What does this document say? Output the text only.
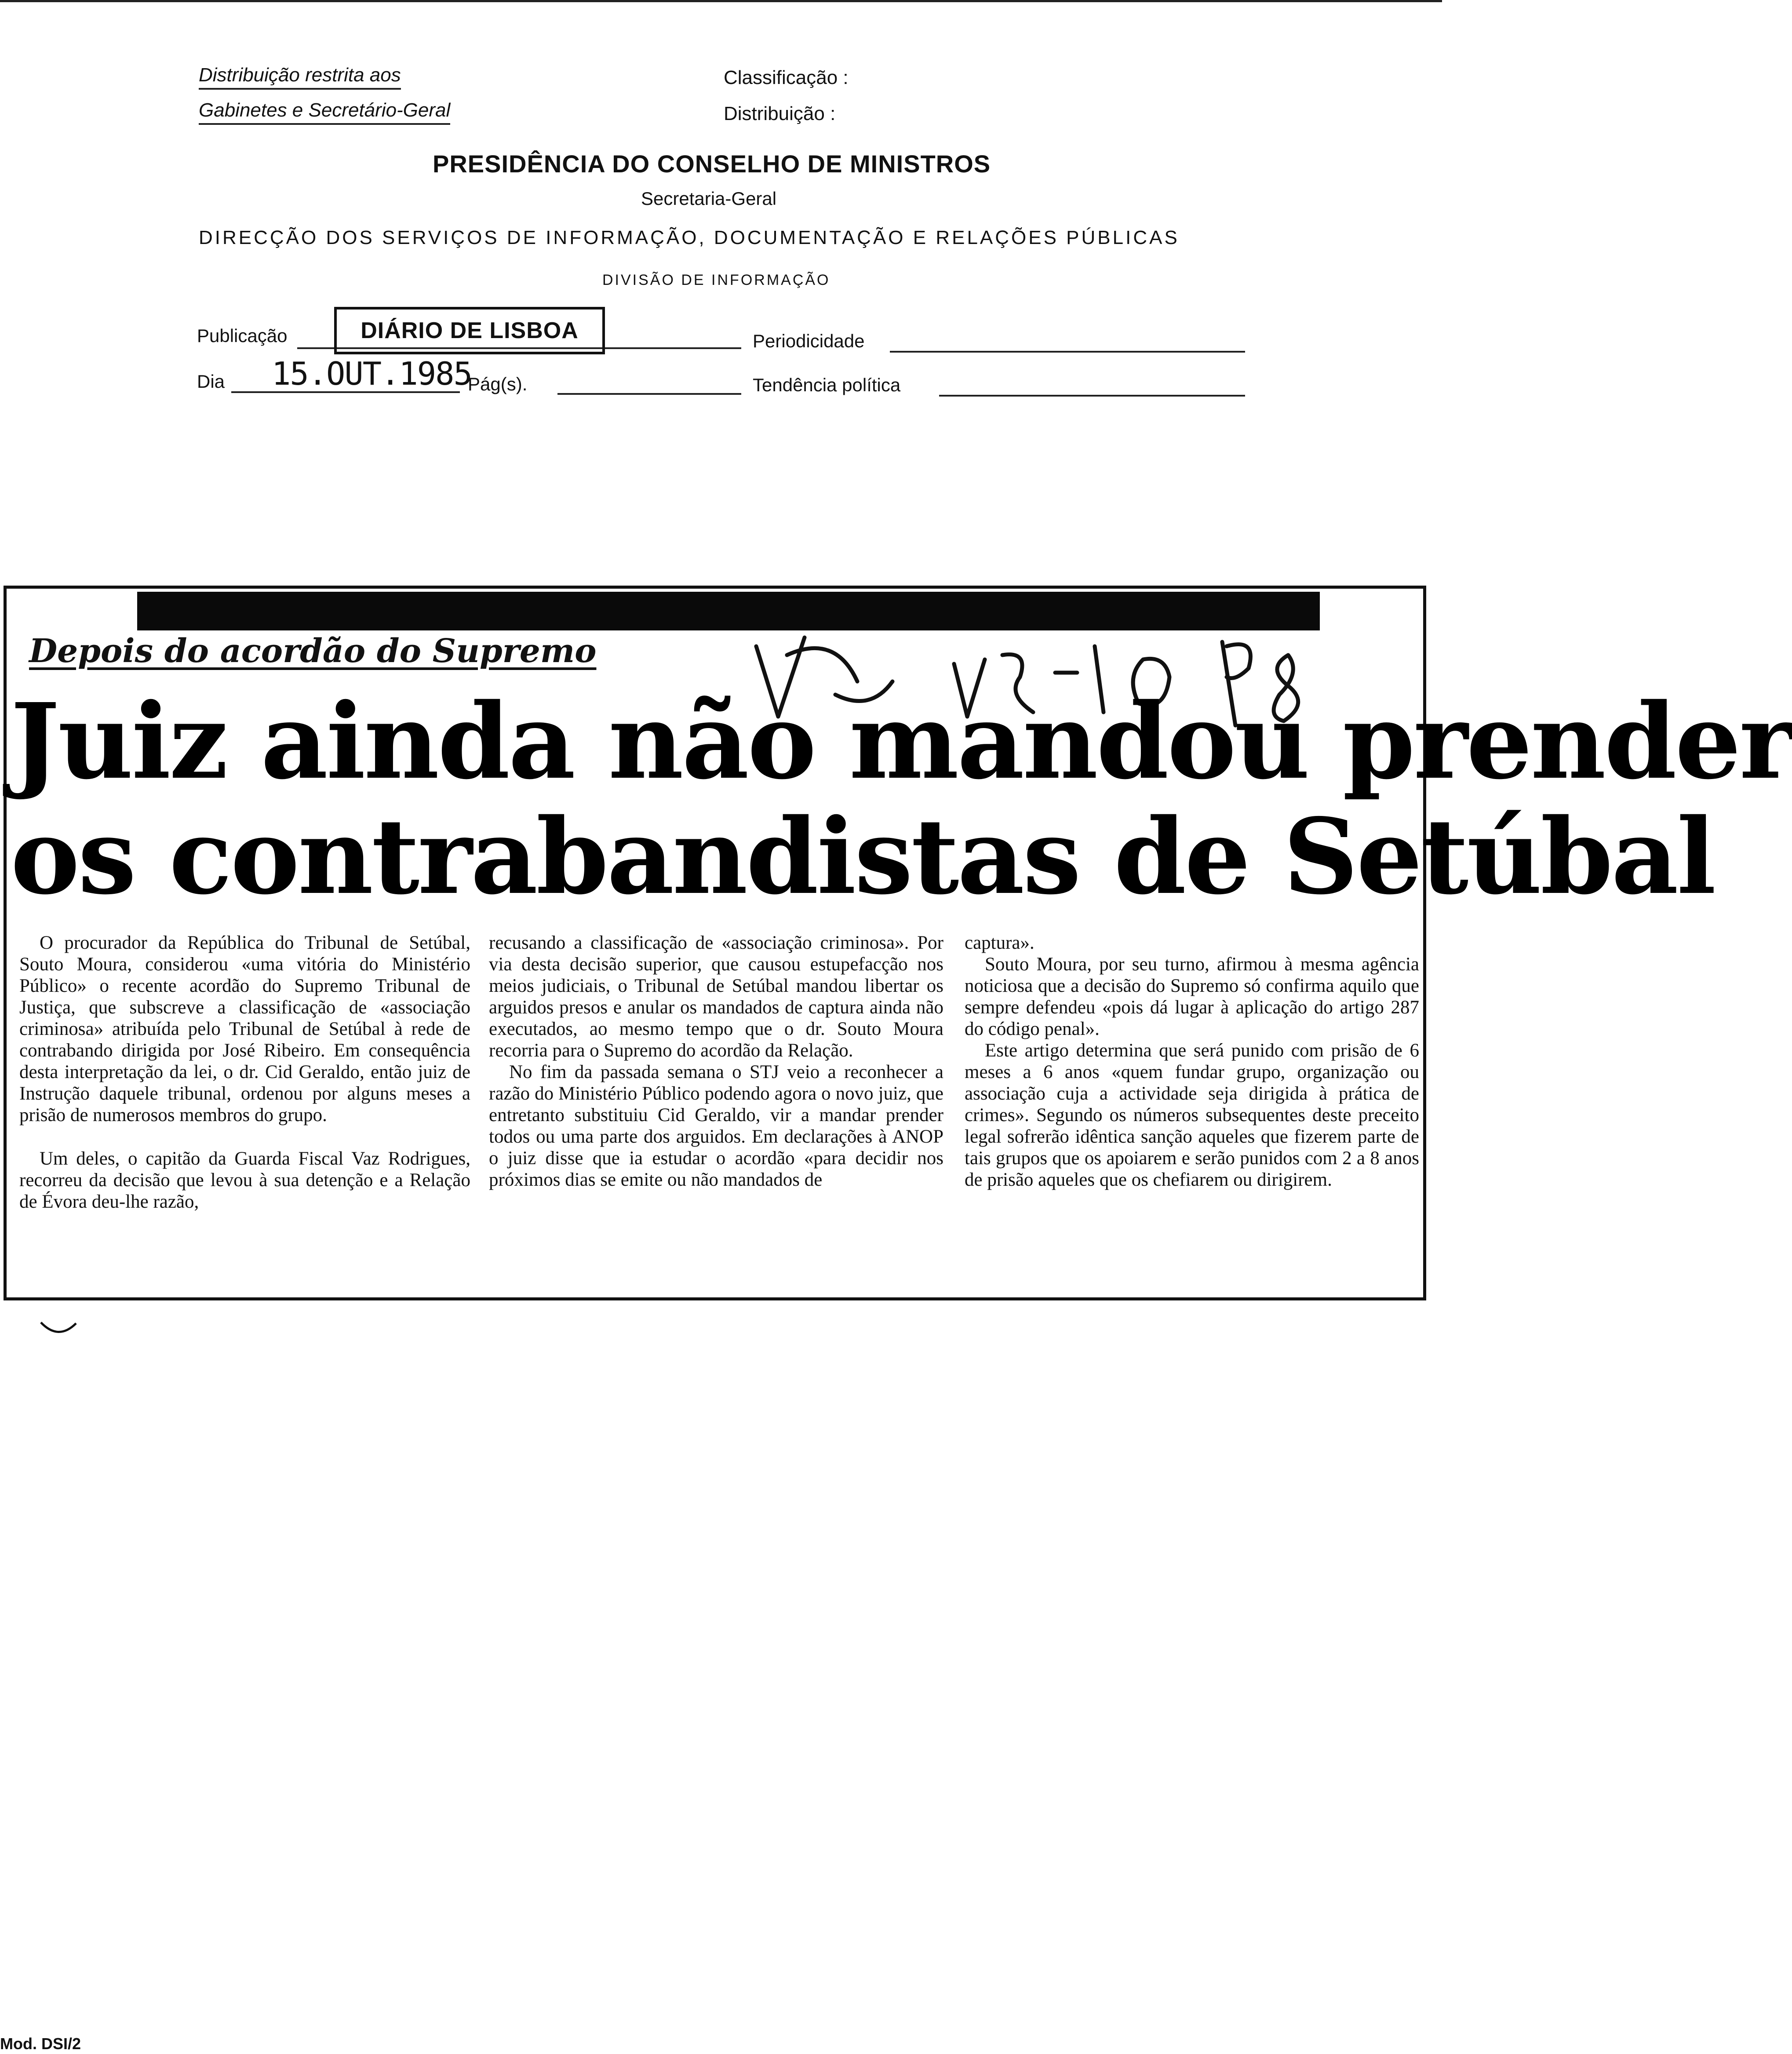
Distribuição restrita aos
Gabinetes e Secretário-Geral
Classificação :
Distribuição :
PRESIDÊNCIA DO CONSELHO DE MINISTROS
Secretaria-Geral
DIRECÇÃO DOS SERVIÇOS DE INFORMAÇÃO, DOCUMENTAÇÃO E RELAÇÕES PÚBLICAS
DIVISÃO DE INFORMAÇÃO
Publicação	DIÁRIO DE LISBOA	Periodicidade
Dia 15.OUT.1985
Pág(s).	Tendência política
Depois do acordão do Supremo
Juiz ainda não mandou prender
os contrabandistas de Setúbal

O procurador da República do Tribunal de Setúbal, Souto Moura, considerou «uma vitória do Ministério Público» o recente acordão do Supremo Tribunal de Justiça, que subscreve a classificação de «associação criminosa» atribuída pelo Tribunal de Setúbal à rede de contrabando dirigida por José Ribeiro. Em consequência desta interpretação da lei, o dr. Cid Geraldo, então juiz de Instrução daquele tribunal, ordenou por alguns meses a prisão de numerosos membros do grupo.

Um deles, o capitão da Guarda Fiscal Vaz Rodrigues, recorreu da decisão que levou à sua detenção e a Relação de Évora deu-lhe razão,

recusando a classificação de «associação criminosa». Por via desta decisão superior, que causou estupefacção nos meios judiciais, o Tribunal de Setúbal mandou libertar os arguidos presos e anular os mandados de captura ainda não executados, ao mesmo tempo que o dr. Souto Moura recorria para o Supremo do acordão da Relação.

No fim da passada semana o STJ veio a reconhecer a razão do Ministério Público podendo agora o novo juiz, que entretanto substituiu Cid Geraldo, vir a mandar prender todos ou uma parte dos arguidos. Em declarações à ANOP o juiz disse que ia estudar o acordão «para decidir nos próximos dias se emite ou não mandados de

captura».

Souto Moura, por seu turno, afirmou à mesma agência noticiosa que a decisão do Supremo só confirma aquilo que sempre defendeu «pois dá lugar à aplicação do artigo 287 do código penal».

Este artigo determina que será punido com prisão de 6 meses a 6 anos «quem fundar grupo, organização ou associação cuja a actividade seja dirigida à prática de crimes». Segundo os números subsequentes deste preceito legal sofrerão idêntica sanção aqueles que fizerem parte de tais grupos que os apoiarem e serão punidos com 2 a 8 anos de prisão aqueles que os chefiarem ou dirigirem.

Mod. DSI/2
